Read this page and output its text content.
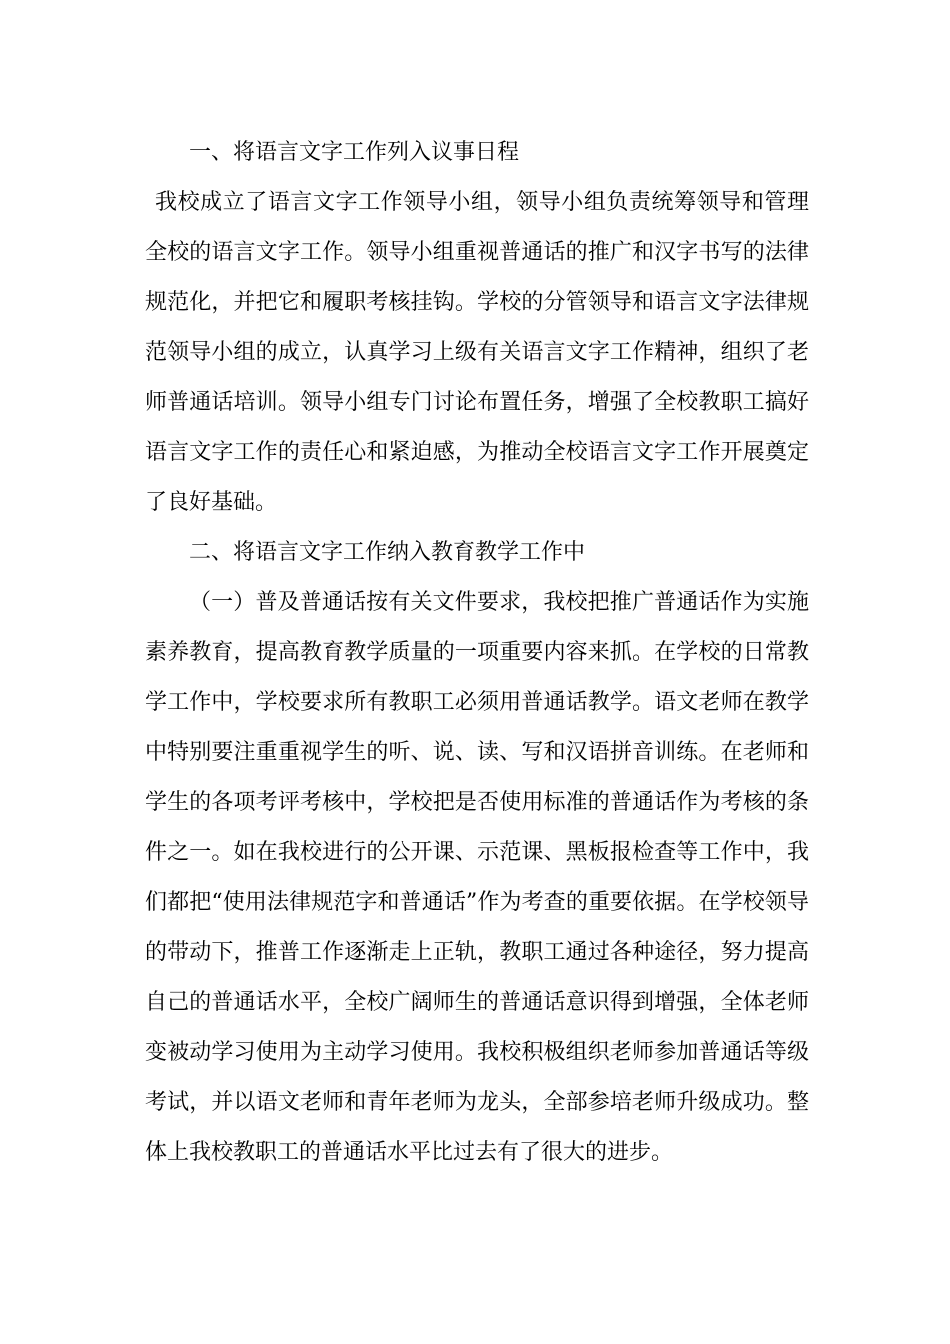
一、将语言文字工作列入议事日程

我校成立了语言文字工作领导小组，领导小组负责统筹领导和管理全校的语言文字工作。领导小组重视普通话的推广和汉字书写的法律规范化，并把它和履职考核挂钩。学校的分管领导和语言文字法律规范领导小组的成立，认真学习上级有关语言文字工作精神，组织了老师普通话培训。领导小组专门讨论布置任务，增强了全校教职工搞好语言文字工作的责任心和紧迫感，为推动全校语言文字工作开展奠定了良好基础。

二、将语言文字工作纳入教育教学工作中

（一）普及普通话按有关文件要求，我校把推广普通话作为实施素养教育，提高教育教学质量的一项重要内容来抓。在学校的日常教学工作中，学校要求所有教职工必须用普通话教学。语文老师在教学中特别要注重重视学生的听、说、读、写和汉语拼音训练。在老师和学生的各项考评考核中，学校把是否使用标准的普通话作为考核的条件之一。如在我校进行的公开课、示范课、黑板报检查等工作中，我们都把“使用法律规范字和普通话”作为考查的重要依据。在学校领导的带动下，推普工作逐渐走上正轨，教职工通过各种途径，努力提高自己的普通话水平，全校广阔师生的普通话意识得到增强，全体老师变被动学习使用为主动学习使用。我校积极组织老师参加普通话等级考试，并以语文老师和青年老师为龙头，全部参培老师升级成功。整体上我校教职工的普通话水平比过去有了很大的进步。
